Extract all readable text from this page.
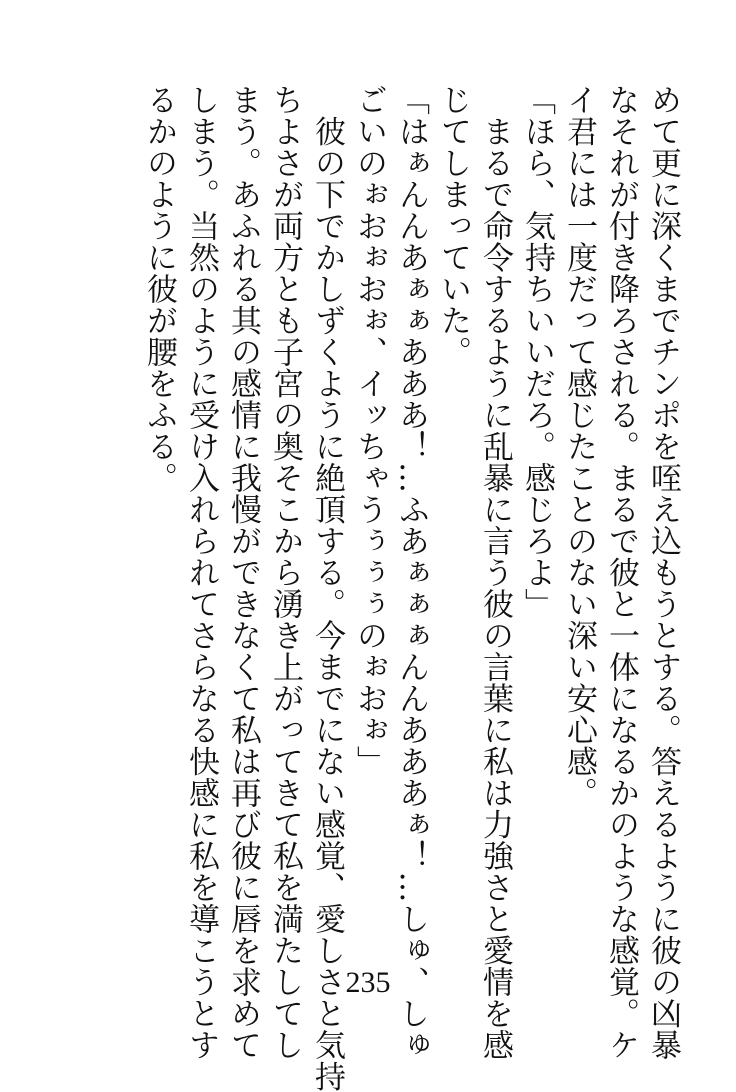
めて更に深くまでチンポを咥え込もうとする。答えるように彼の凶暴
なそれが付き降ろされる。まるで彼と一体になるかのような感覚。ケ
イ君には一度だって感じたことのない深い安心感。
「ほら、気持ちいいだろ。感じろよ」
　まるで命令するように乱暴に言う彼の言葉に私は力強さと愛情を感
じてしまっていた。
「はぁんんあぁぁあああ！…ふあぁぁぁんんあああぁ！…しゅ、しゅ
ごいのぉおぉおぉ、イッちゃうぅぅぅのぉおぉ」
　彼の下でかしずくように絶頂する。今までにない感覚、愛しさと気持
ちよさが両方とも子宮の奥そこから湧き上がってきて私を満たしてし
まう。あふれる其の感情に我慢ができなくて私は再び彼に唇を求めて
しまう。当然のように受け入れられてさらなる快感に私を導こうとす
るかのように彼が腰をふる。
235
